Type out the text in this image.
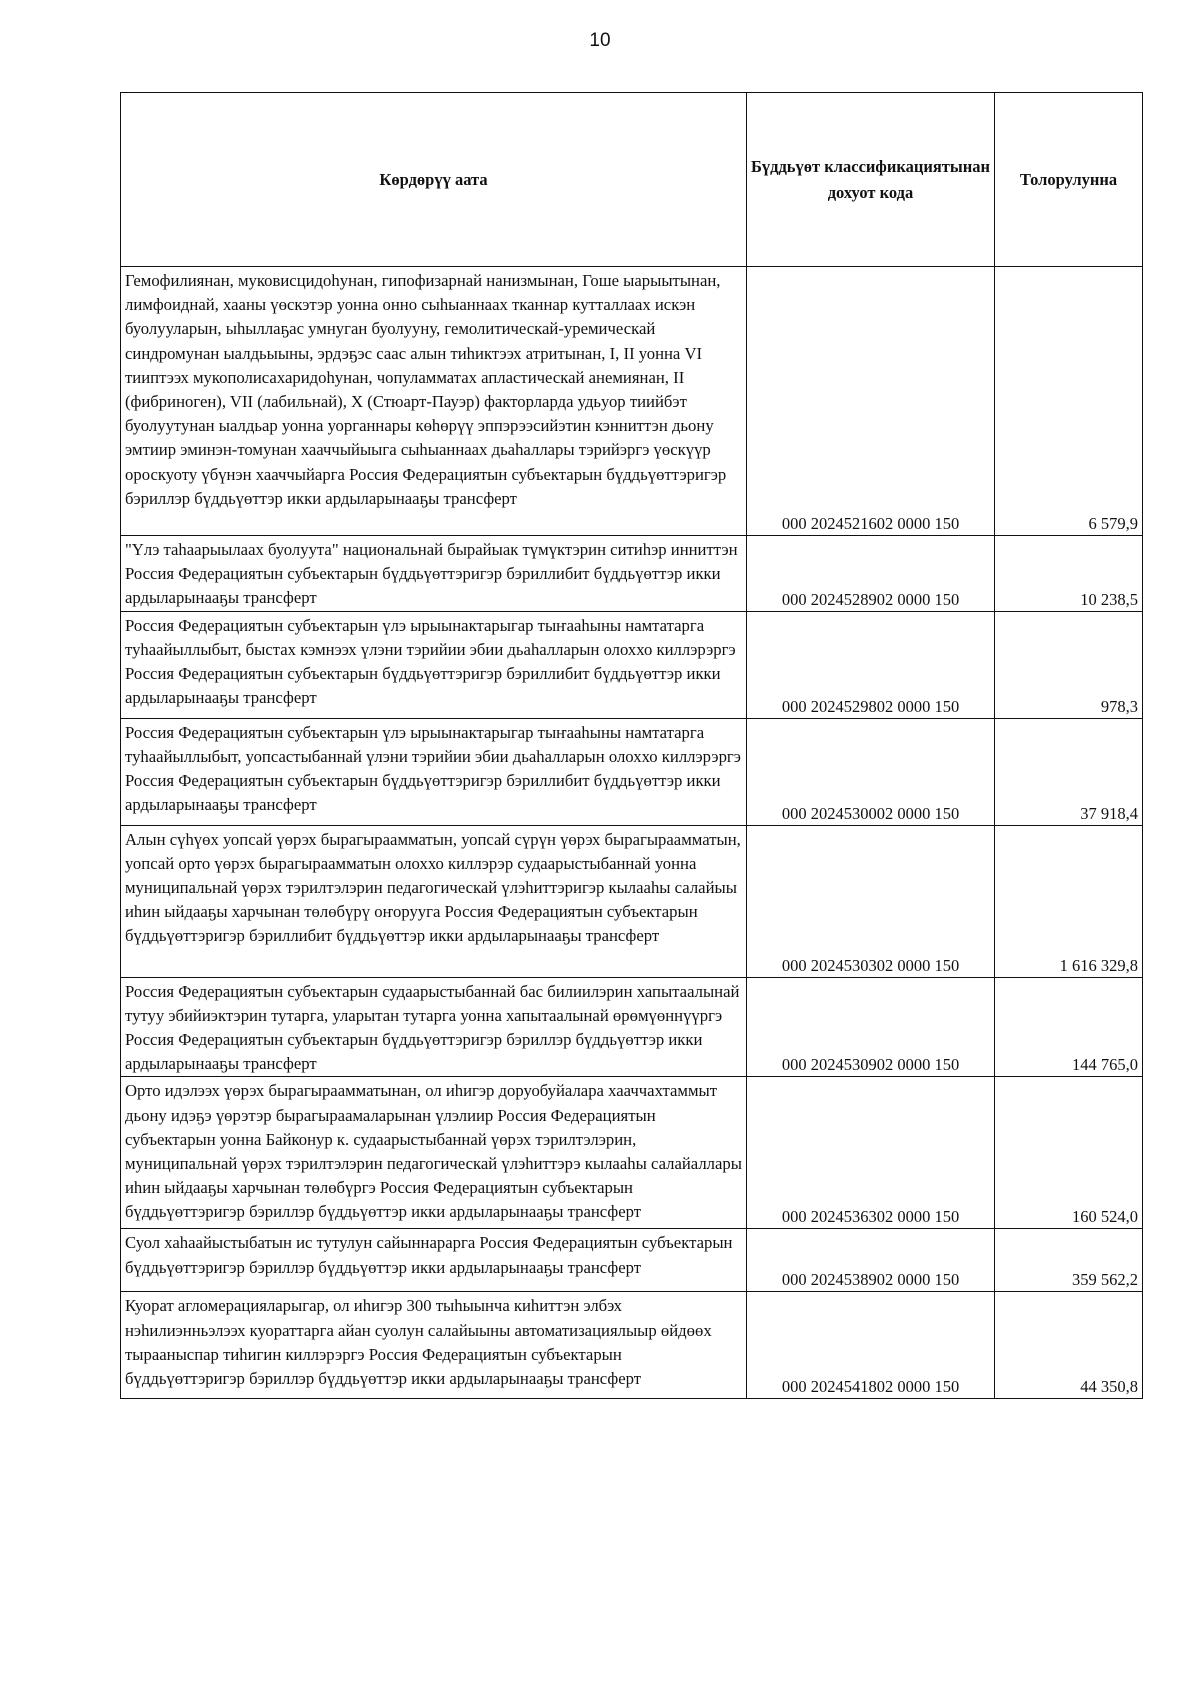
10
Көрдөрүү аата	Бүддьүөт классификациятынан дохуот кода	Толорулунна
Гемофилиянан, муковисцидоһунан, гипофизарнай нанизмынан, Гоше ыарыытынан, лимфоиднай, хааны үөскэтэр уонна онно сыһыаннаах тканнар кутталлаах искэн буолууларын, ыһыллаҕас умнуган буолууну, гемолитическай-уремическай синдромунан ыалдьыыны, эрдэҕэс саас алын тиһиктээх атритынан, I, II уонна VI тииптээх мукополисахаридоһунан, чопуламматах апластическай анемиянан, II (фибриноген), VII (лабильнай), X (Стюарт-Пауэр) факторларда удьуор тиийбэт буолуутунан ыалдьар уонна уорганнары көһөрүү эппэрээсийэтин кэнниттэн дьону эмтиир эминэн-томунан хааччыйыыга сыһыаннаах дьаһаллары тэрийэргэ үөскүүр ороскуоту үбүнэн хааччыйарга Россия Федерациятын субъектарын бүддьүөттэригэр бэриллэр бүддьүөттэр икки ардыларынааҕы трансферт	000 2024521602 0000 150	6 579,9
"Үлэ таһаарыылаах буолуута" национальнай бырайыак түмүктэрин ситиһэр инниттэн Россия Федерациятын субъектарын бүддьүөттэригэр бэриллибит бүддьүөттэр икки ардыларынааҕы трансферт	000 2024528902 0000 150	10 238,5
Россия Федерациятын субъектарын үлэ ырыынактарыгар тыҥааһыны намтатарга туһаайыллыбыт, быстах кэмнээх үлэни тэрийии эбии дьаһалларын олоххо киллэрэргэ Россия Федерациятын субъектарын бүддьүөттэригэр бэриллибит бүддьүөттэр икки ардыларынааҕы трансферт	000 2024529802 0000 150	978,3
Россия Федерациятын субъектарын үлэ ырыынактарыгар тыҥааһыны намтатарга туһаайыллыбыт, уопсастыбаннай үлэни тэрийии эбии дьаһалларын олоххо киллэрэргэ Россия Федерациятын субъектарын бүддьүөттэригэр бэриллибит бүддьүөттэр икки ардыларынааҕы трансферт	000 2024530002 0000 150	37 918,4
Алын сүһүөх уопсай үөрэх бырагыраамматын, уопсай сүрүн үөрэх бырагыраамматын, уопсай орто үөрэх бырагыраамматын олоххо киллэрэр судаарыстыбаннай уонна муниципальнай үөрэх тэрилтэлэрин педагогическай үлэһиттэригэр кылааһы салайыы иһин ыйдааҕы харчынан төлөбүрү оҥорууга Россия Федерациятын субъектарын бүддьүөттэригэр бэриллибит бүддьүөттэр икки ардыларынааҕы трансферт	000 2024530302 0000 150	1 616 329,8
Россия Федерациятын субъектарын судаарыстыбаннай бас билиилэрин хапытаалынай тутуу эбийиэктэрин тутарга, уларытан тутарга уонна хапытаалынай өрөмүөннүүргэ Россия Федерациятын субъектарын бүддьүөттэригэр бэриллэр бүддьүөттэр икки ардыларынааҕы трансферт	000 2024530902 0000 150	144 765,0
Орто идэлээх үөрэх бырагыраамматынан, ол иһигэр доруобуйалара хааччахтаммыт дьону идэҕэ үөрэтэр бырагыраамаларынан үлэлиир Россия Федерациятын субъектарын уонна Байконур к. судаарыстыбаннай үөрэх тэрилтэлэрин, муниципальнай үөрэх тэрилтэлэрин педагогическай үлэһиттэрэ кылааһы салайаллары иһин ыйдааҕы харчынан төлөбүргэ Россия Федерациятын субъектарын бүддьүөттэригэр бэриллэр бүддьүөттэр икки ардыларынааҕы трансферт	000 2024536302 0000 150	160 524,0
Суол хаһаайыстыбатын ис тутулун сайыннарарга Россия Федерациятын субъектарын бүддьүөттэригэр бэриллэр бүддьүөттэр икки ардыларынааҕы трансферт	000 2024538902 0000 150	359 562,2
Куорат агломерацияларыгар, ол иһигэр 300 тыһыынча киһиттэн элбэх нэһилиэнньэлээх куораттарга айан суолун салайыыны автоматизациялыыр өйдөөх тырааныспар тиһигин киллэрэргэ Россия Федерациятын субъектарын бүддьүөттэригэр бэриллэр бүддьүөттэр икки ардыларынааҕы трансферт	000 2024541802 0000 150	44 350,8
